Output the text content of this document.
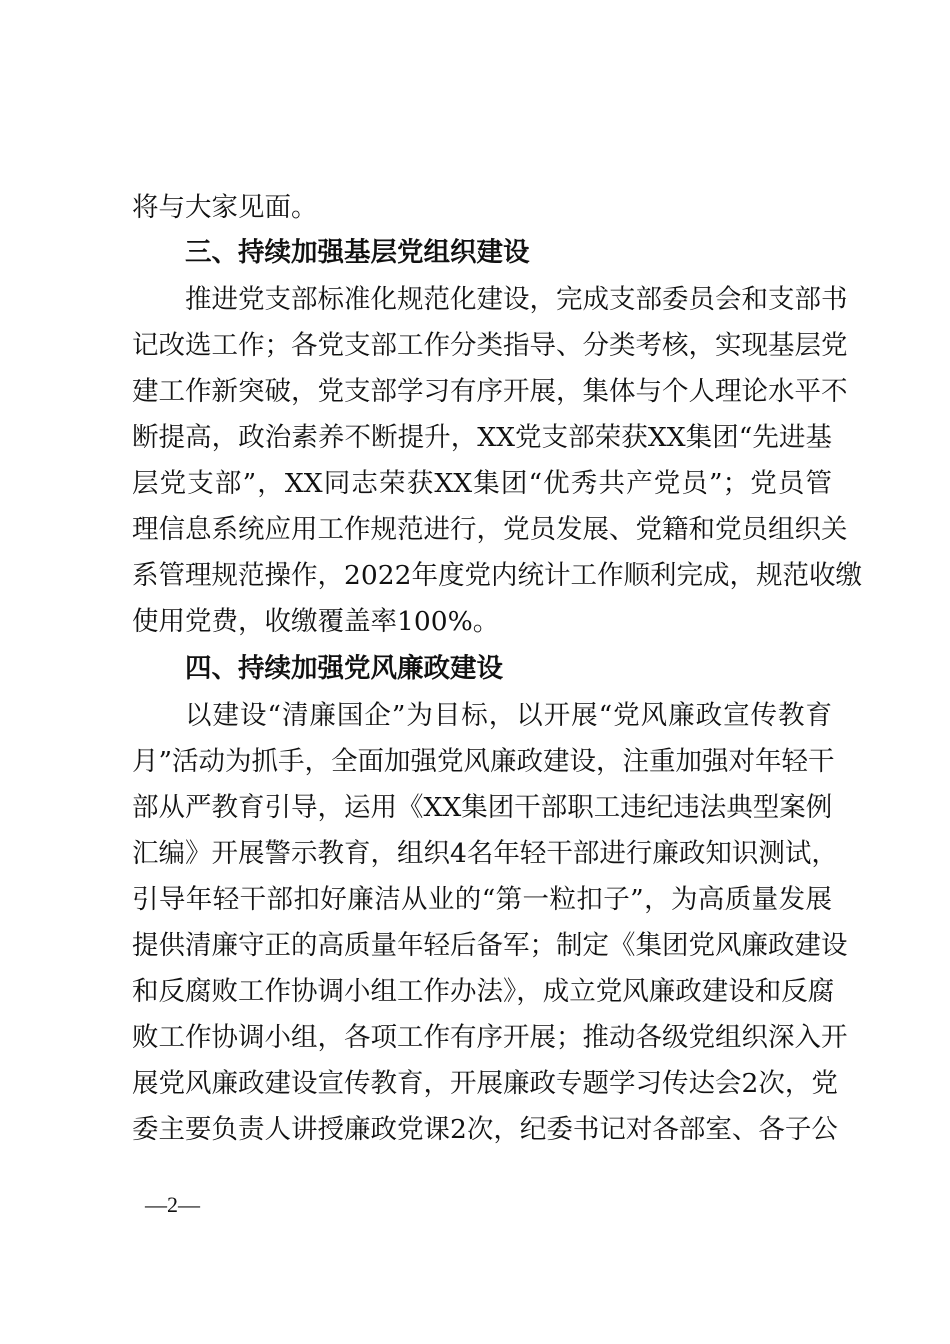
将与大家见面。
三、持续加强基层党组织建设
推进党支部标准化规范化建设，完成支部委员会和支部书
记改选工作；各党支部工作分类指导、分类考核，实现基层党
建工作新突破，党支部学习有序开展，集体与个人理论水平不
断提高，政治素养不断提升，XX党支部荣获XX集团“先进基
层党支部”，XX同志荣获XX集团“优秀共产党员”；党员管
理信息系统应用工作规范进行，党员发展、党籍和党员组织关
系管理规范操作，2022年度党内统计工作顺利完成，规范收缴
使用党费，收缴覆盖率100%。
四、持续加强党风廉政建设
以建设“清廉国企”为目标，以开展“党风廉政宣传教育
月”活动为抓手，全面加强党风廉政建设，注重加强对年轻干
部从严教育引导，运用《XX集团干部职工违纪违法典型案例
汇编》开展警示教育，组织4名年轻干部进行廉政知识测试，
引导年轻干部扣好廉洁从业的“第一粒扣子”，为高质量发展
提供清廉守正的高质量年轻后备军；制定《集团党风廉政建设
和反腐败工作协调小组工作办法》，成立党风廉政建设和反腐
败工作协调小组，各项工作有序开展；推动各级党组织深入开
展党风廉政建设宣传教育，开展廉政专题学习传达会2次，党
委主要负责人讲授廉政党课2次，纪委书记对各部室、各子公
—2—
